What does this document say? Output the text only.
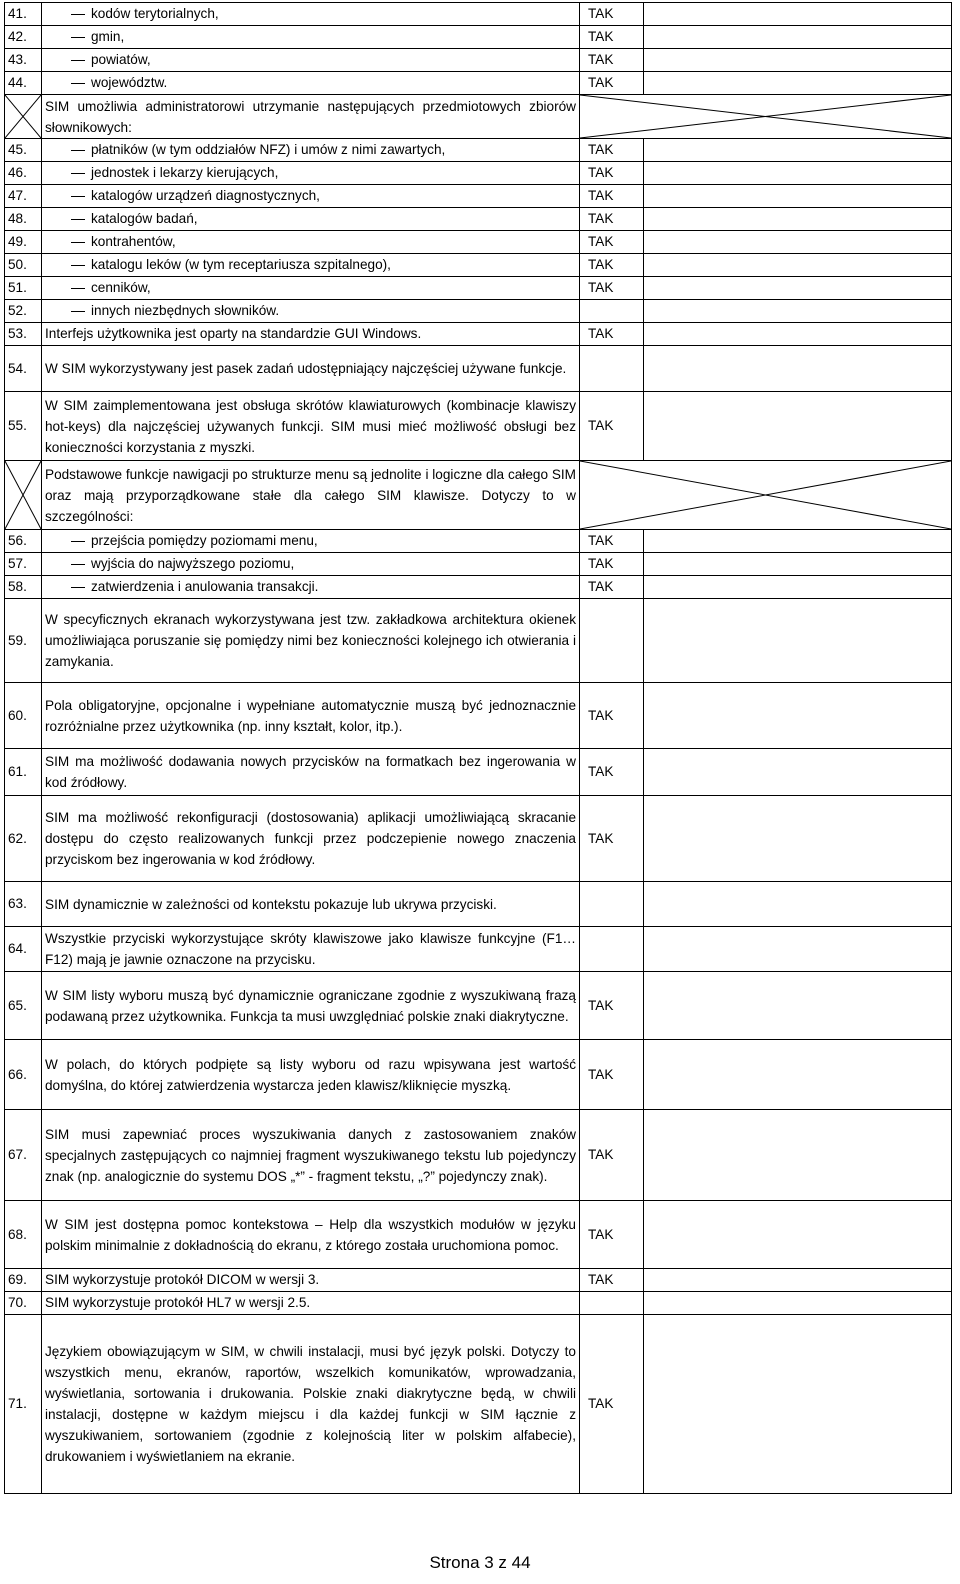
41.	kodów terytorialnych,	TAK	
42.	gmin,	TAK	
43.	powiatów,	TAK	
44.	województw.	TAK	

	SIM umożliwia administratorowi utrzymanie następujących przedmiotowych zbiorów słownikowych:	

45.	płatników (w tym oddziałów NFZ) i umów z nimi zawartych,	TAK	
46.	jednostek i lekarzy kierujących,	TAK	
47.	katalogów urządzeń diagnostycznych,	TAK	
48.	katalogów badań,	TAK	
49.	kontrahentów,	TAK	
50.	katalogu leków (w tym receptariusza szpitalnego),	TAK	
51.	cenników,	TAK	
52.	innych niezbędnych słowników.		
53.	Interfejs użytkownika jest oparty na standardzie GUI Windows.	TAK	
54.	W SIM wykorzystywany jest pasek zadań udostępniający najczęściej używane funkcje.		
55.	W SIM zaimplementowana jest obsługa skrótów klawiaturowych (kombinacje klawiszy hot-keys) dla najczęściej używanych funkcji. SIM musi mieć możliwość obsługi bez konieczności korzystania z myszki.	TAK	

	Podstawowe funkcje nawigacji po strukturze menu są jednolite i logiczne dla całego SIM oraz mają przyporządkowane stałe dla całego SIM klawisze. Dotyczy to w szczególności:	

56.	przejścia pomiędzy poziomami menu,	TAK	
57.	wyjścia do najwyższego poziomu,	TAK	
58.	zatwierdzenia i anulowania transakcji.	TAK	
59.	W specyficznych ekranach wykorzystywana jest tzw. zakładkowa architektura okienek umożliwiająca poruszanie się pomiędzy nimi bez konieczności kolejnego ich otwierania i zamykania.		
60.	Pola obligatoryjne, opcjonalne i wypełniane automatycznie muszą być jednoznacznie rozróżnialne przez użytkownika (np. inny kształt, kolor, itp.).	TAK	
61.	SIM ma możliwość dodawania nowych przycisków na formatkach bez ingerowania w kod źródłowy.	TAK	
62.	SIM ma możliwość rekonfiguracji (dostosowania) aplikacji umożliwiającą skracanie dostępu do często realizowanych funkcji przez podczepienie nowego znaczenia przyciskom bez ingerowania w kod źródłowy.	TAK	
63.	SIM dynamicznie w zależności od kontekstu pokazuje lub ukrywa przyciski.		
64.	Wszystkie przyciski wykorzystujące skróty klawiszowe jako klawisze funkcyjne (F1…F12) mają je jawnie oznaczone na przycisku.		
65.	W SIM listy wyboru muszą być dynamicznie ograniczane zgodnie z wyszukiwaną frazą podawaną przez użytkownika. Funkcja ta musi uwzględniać polskie znaki diakrytyczne.	TAK	
66.	W polach, do których podpięte są listy wyboru od razu wpisywana jest wartość domyślna, do której zatwierdzenia wystarcza jeden klawisz/kliknięcie myszką.	TAK	
67.	SIM musi zapewniać proces wyszukiwania danych z zastosowaniem znaków specjalnych zastępujących co najmniej fragment wyszukiwanego tekstu lub pojedynczy znak (np. analogicznie do systemu DOS „*” - fragment tekstu, „?” pojedynczy znak).	TAK	
68.	W SIM jest dostępna pomoc kontekstowa – Help dla wszystkich modułów w języku polskim minimalnie z dokładnością do ekranu, z którego została uruchomiona pomoc.	TAK	
69.	SIM wykorzystuje protokół DICOM w wersji 3.	TAK	
70.	SIM wykorzystuje protokół HL7 w wersji 2.5.		
71.	Językiem obowiązującym w SIM, w chwili instalacji, musi być język polski. Dotyczy to wszystkich menu, ekranów, raportów, wszelkich komunikatów, wprowadzania, wyświetlania, sortowania i drukowania. Polskie znaki diakrytyczne będą, w chwili instalacji, dostępne w każdym miejscu i dla każdej funkcji w SIM łącznie z wyszukiwaniem, sortowaniem (zgodnie z kolejnością liter w polskim alfabecie), drukowaniem i wyświetlaniem na ekranie.	TAK	
Strona 3 z 44
